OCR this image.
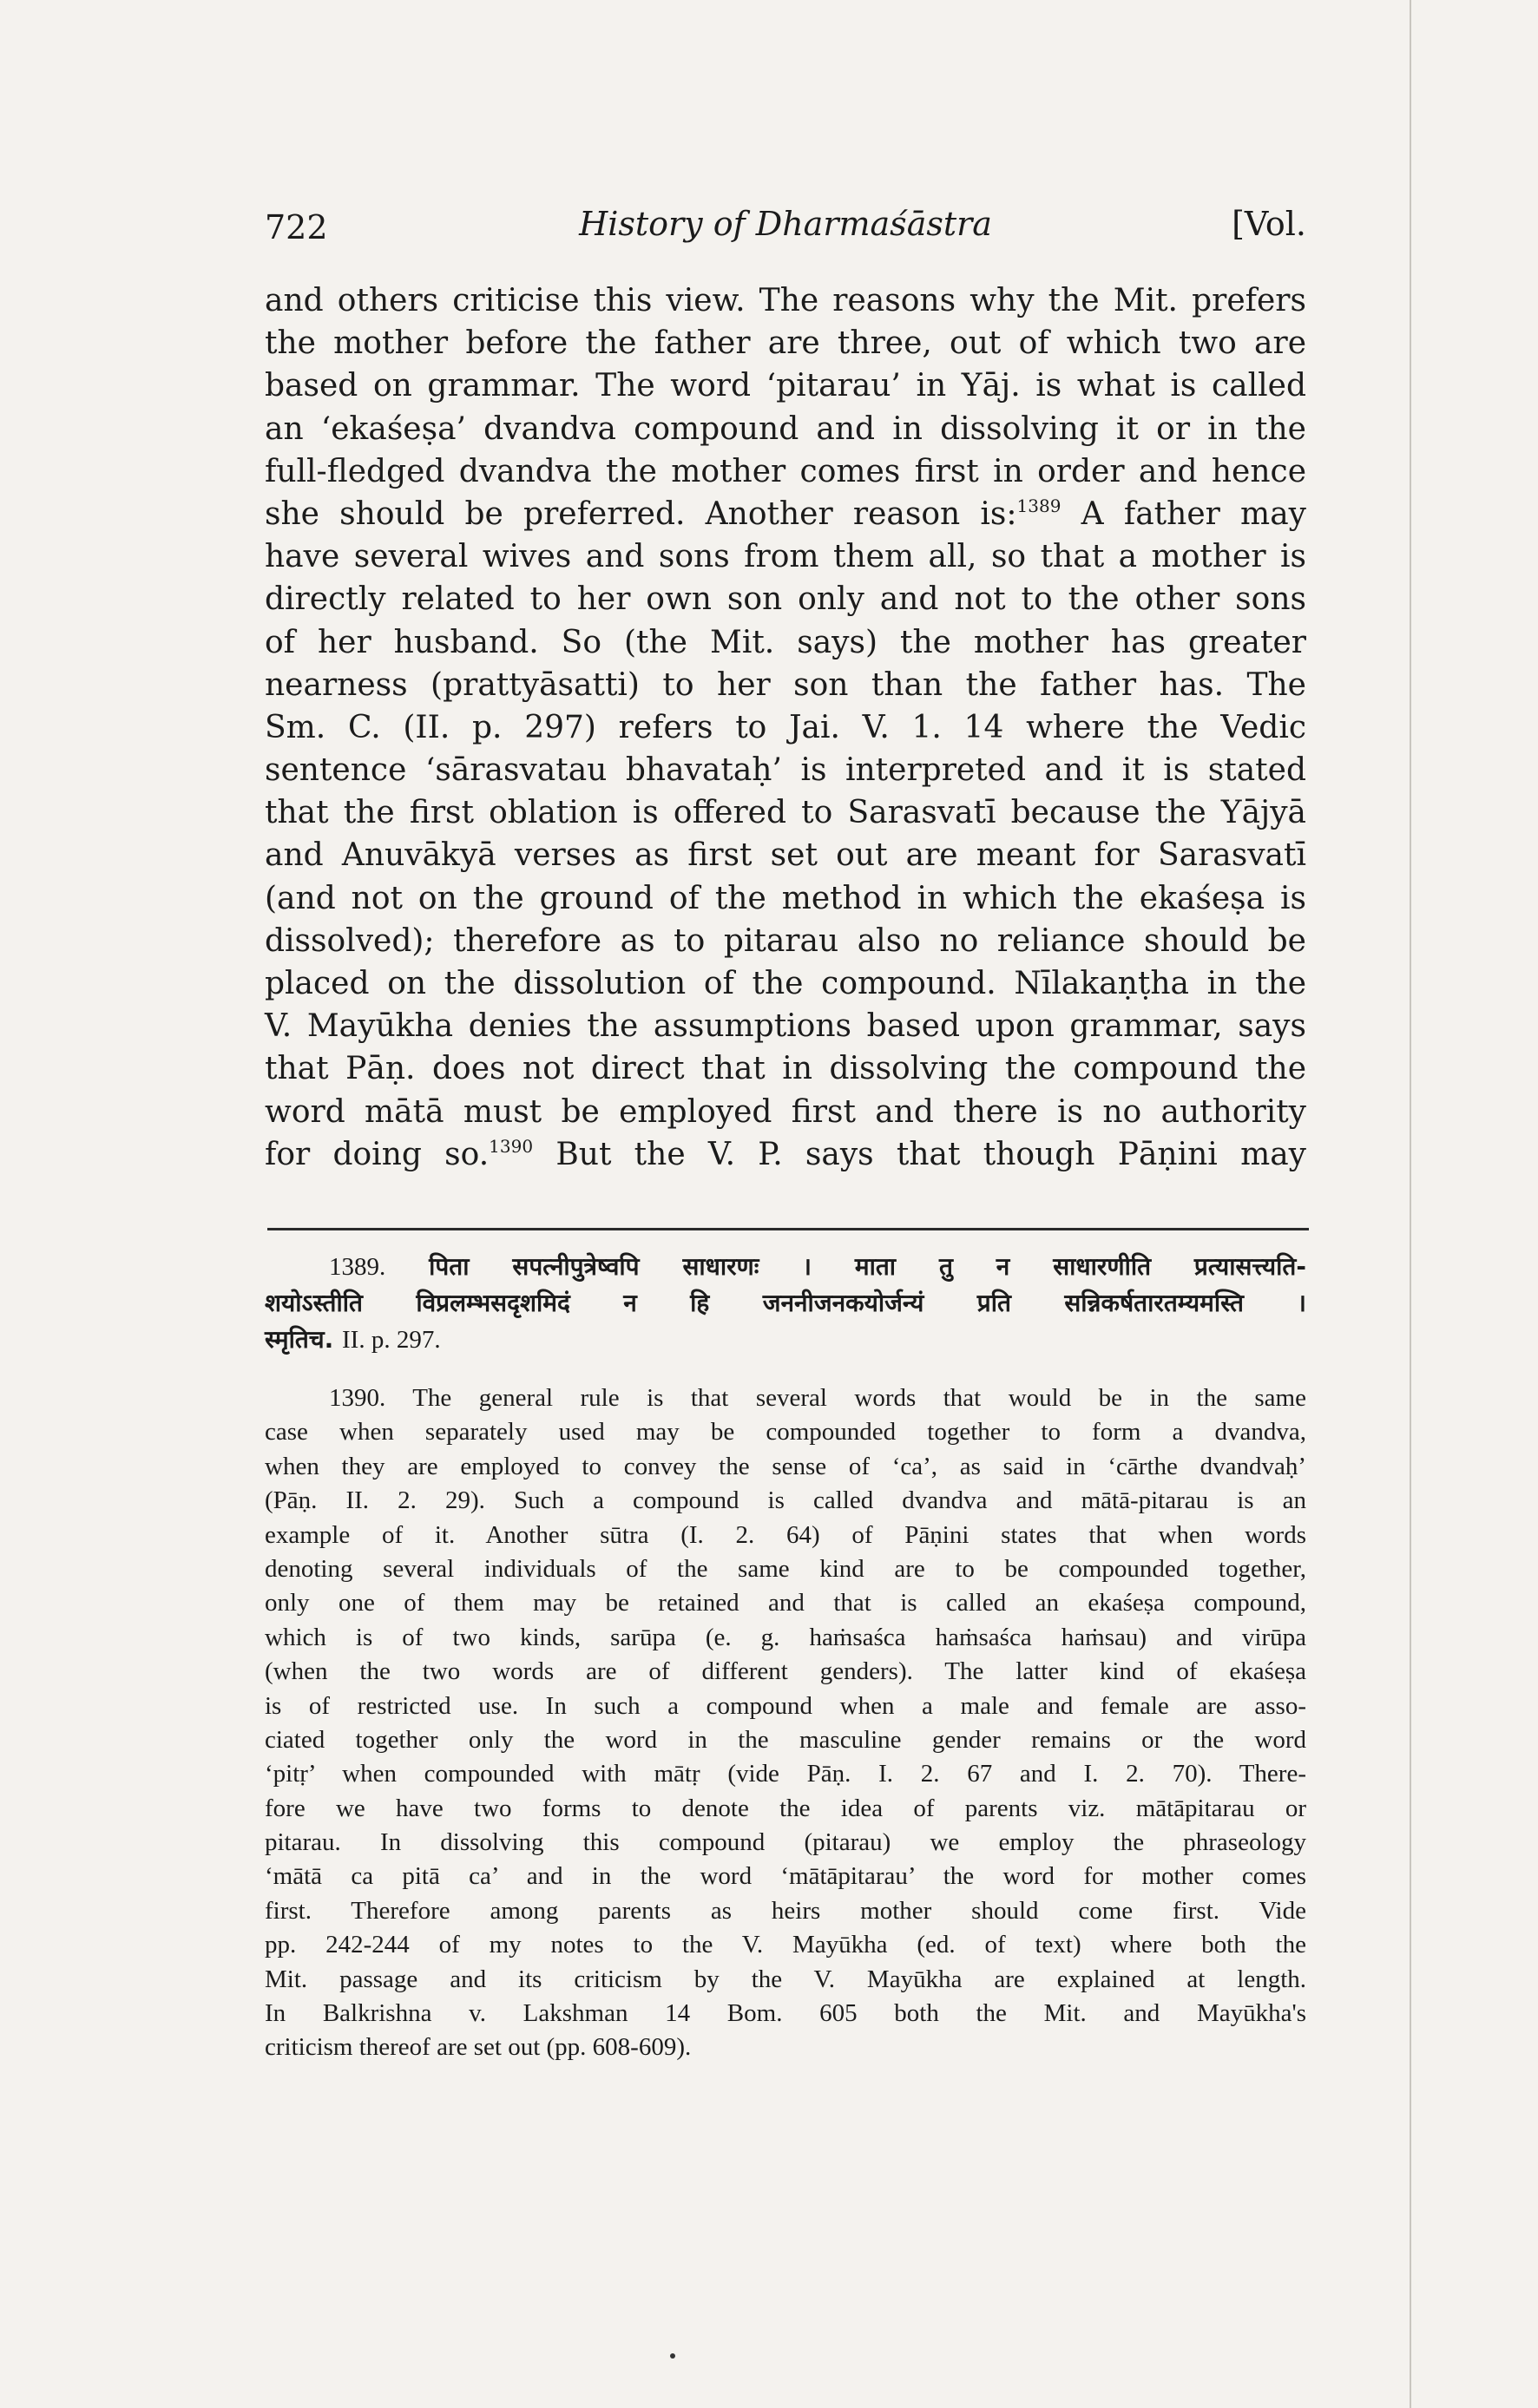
722	History of Dharmaśāstra	[Vol.
and others criticise this view. The reasons why the Mit. prefers
the mother before the father are three, out of which two are
based on grammar. The word ‘pitarau’ in Yāj. is what is called
an ‘ekaśeṣa’ dvandva compound and in dissolving it or in the
full-fledged dvandva the mother comes first in order and hence
she should be preferred. Another reason is:$^{1389}$ A father may
have several wives and sons from them all, so that a mother is
directly related to her own son only and not to the other sons
of her husband. So (the Mit. says) the mother has greater
nearness (prattyāsatti) to her son than the father has. The
Sm. C. (II. p. 297) refers to Jai. V. 1. 14 where the Vedic
sentence ‘sārasvatau bhavataḥ’ is interpreted and it is stated
that the first oblation is offered to Sarasvatī because the Yājyā
and Anuvākyā verses as first set out are meant for Sarasvatī
(and not on the ground of the method in which the ekaśeṣa is
dissolved); therefore as to pitarau also no reliance should be
placed on the dissolution of the compound. Nīlakaṇṭha in the
V. Mayūkha denies the assumptions based upon grammar, says
that Pāṇ. does not direct that in dissolving the compound the
word mātā must be employed first and there is no authority
for doing so.$^{1390}$ But the V. P. says that though Pāṇini may
1389. पिता सपत्नीपुत्रेष्वपि साधारणः । माता तु न साधारणीति प्रत्यासत्त्यति-
शयोऽस्तीति विप्रलम्भसदृशमिदं न हि जननीजनकयोर्जन्यं प्रति सन्निकर्षतारतम्यमस्ति ।
स्मृतिच. II. p. 297.
1390. The general rule is that several words that would be in the same
case when separately used may be compounded together to form a dvandva,
when they are employed to convey the sense of ‘ca’, as said in ‘cārthe dvandvaḥ’
(Pāṇ. II. 2. 29). Such a compound is called dvandva and mātā-pitarau is an
example of it. Another sūtra (I. 2. 64) of Pāṇini states that when words
denoting several individuals of the same kind are to be compounded together,
only one of them may be retained and that is called an ekaśeṣa compound,
which is of two kinds, sarūpa (e. g. haṁsaśca haṁsaśca haṁsau) and virūpa
(when the two words are of different genders). The latter kind of ekaśeṣa
is of restricted use. In such a compound when a male and female are asso-
ciated together only the word in the masculine gender remains or the word
‘pitṛ’ when compounded with mātṛ (vide Pāṇ. I. 2. 67 and I. 2. 70). There-
fore we have two forms to denote the idea of parents viz. mātāpitarau or
pitarau. In dissolving this compound (pitarau) we employ the phraseology
‘mātā ca pitā ca’ and in the word ‘mātāpitarau’ the word for mother comes
first. Therefore among parents as heirs mother should come first. Vide
pp. 242-244 of my notes to the V. Mayūkha (ed. of text) where both the
Mit. passage and its criticism by the V. Mayūkha are explained at length.
In Balkrishna v. Lakshman 14 Bom. 605 both the Mit. and Mayūkha's
criticism thereof are set out (pp. 608-609).
